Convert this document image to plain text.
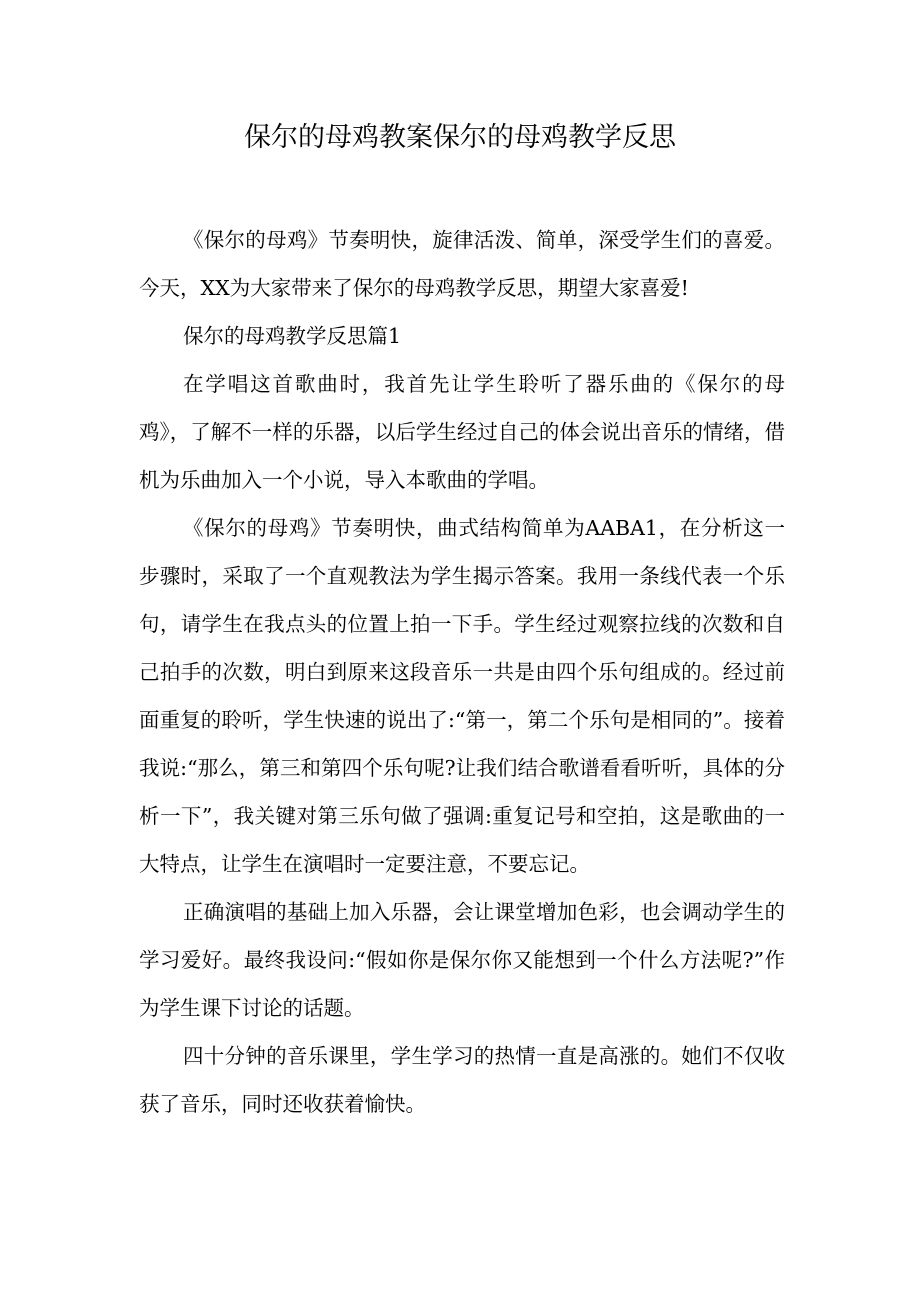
保尔的母鸡教案保尔的母鸡教学反思

《保尔的母鸡》节奏明快，旋律活泼、简单，深受学生们的喜爱。今天，XX为大家带来了保尔的母鸡教学反思，期望大家喜爱!

保尔的母鸡教学反思篇1

在学唱这首歌曲时，我首先让学生聆听了器乐曲的《保尔的母鸡》，了解不一样的乐器，以后学生经过自己的体会说出音乐的情绪，借机为乐曲加入一个小说，导入本歌曲的学唱。

《保尔的母鸡》节奏明快，曲式结构简单为AABA1，在分析这一步骤时，采取了一个直观教法为学生揭示答案。我用一条线代表一个乐句，请学生在我点头的位置上拍一下手。学生经过观察拉线的次数和自己拍手的次数，明白到原来这段音乐一共是由四个乐句组成的。经过前面重复的聆听，学生快速的说出了:“第一，第二个乐句是相同的”。接着我说:“那么，第三和第四个乐句呢?让我们结合歌谱看看听听，具体的分析一下”，我关键对第三乐句做了强调:重复记号和空拍，这是歌曲的一大特点，让学生在演唱时一定要注意，不要忘记。

正确演唱的基础上加入乐器，会让课堂增加色彩，也会调动学生的学习爱好。最终我设问:“假如你是保尔你又能想到一个什么方法呢?”作为学生课下讨论的话题。

四十分钟的音乐课里，学生学习的热情一直是高涨的。她们不仅收获了音乐，同时还收获着愉快。
